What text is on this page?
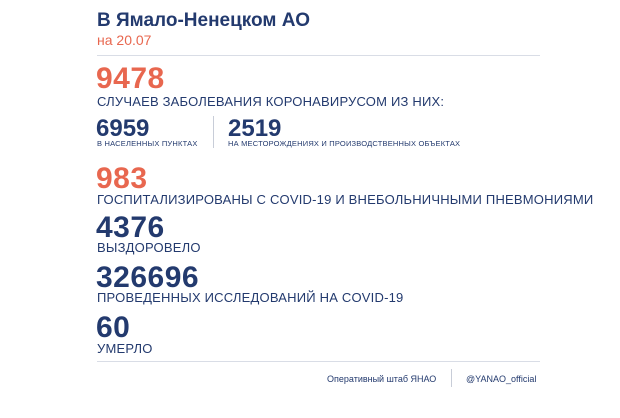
В Ямало-Ненецком АО
на 20.07
9478
СЛУЧАЕВ ЗАБОЛЕВАНИЯ КОРОНАВИРУСОМ ИЗ НИХ:
6959
В НАСЕЛЕННЫХ ПУНКТАХ
2519
НА МЕСТОРОЖДЕНИЯХ И ПРОИЗВОДСТВЕННЫХ ОБЪЕКТАХ
983
ГОСПИТАЛИЗИРОВАНЫ С COVID-19 И ВНЕБОЛЬНИЧНЫМИ ПНЕВМОНИЯМИ
4376
ВЫЗДОРОВЕЛО
326696
ПРОВЕДЕННЫХ ИССЛЕДОВАНИЙ НА COVID-19
60
УМЕРЛО
Оперативный штаб ЯНАО	@YANAO_official
